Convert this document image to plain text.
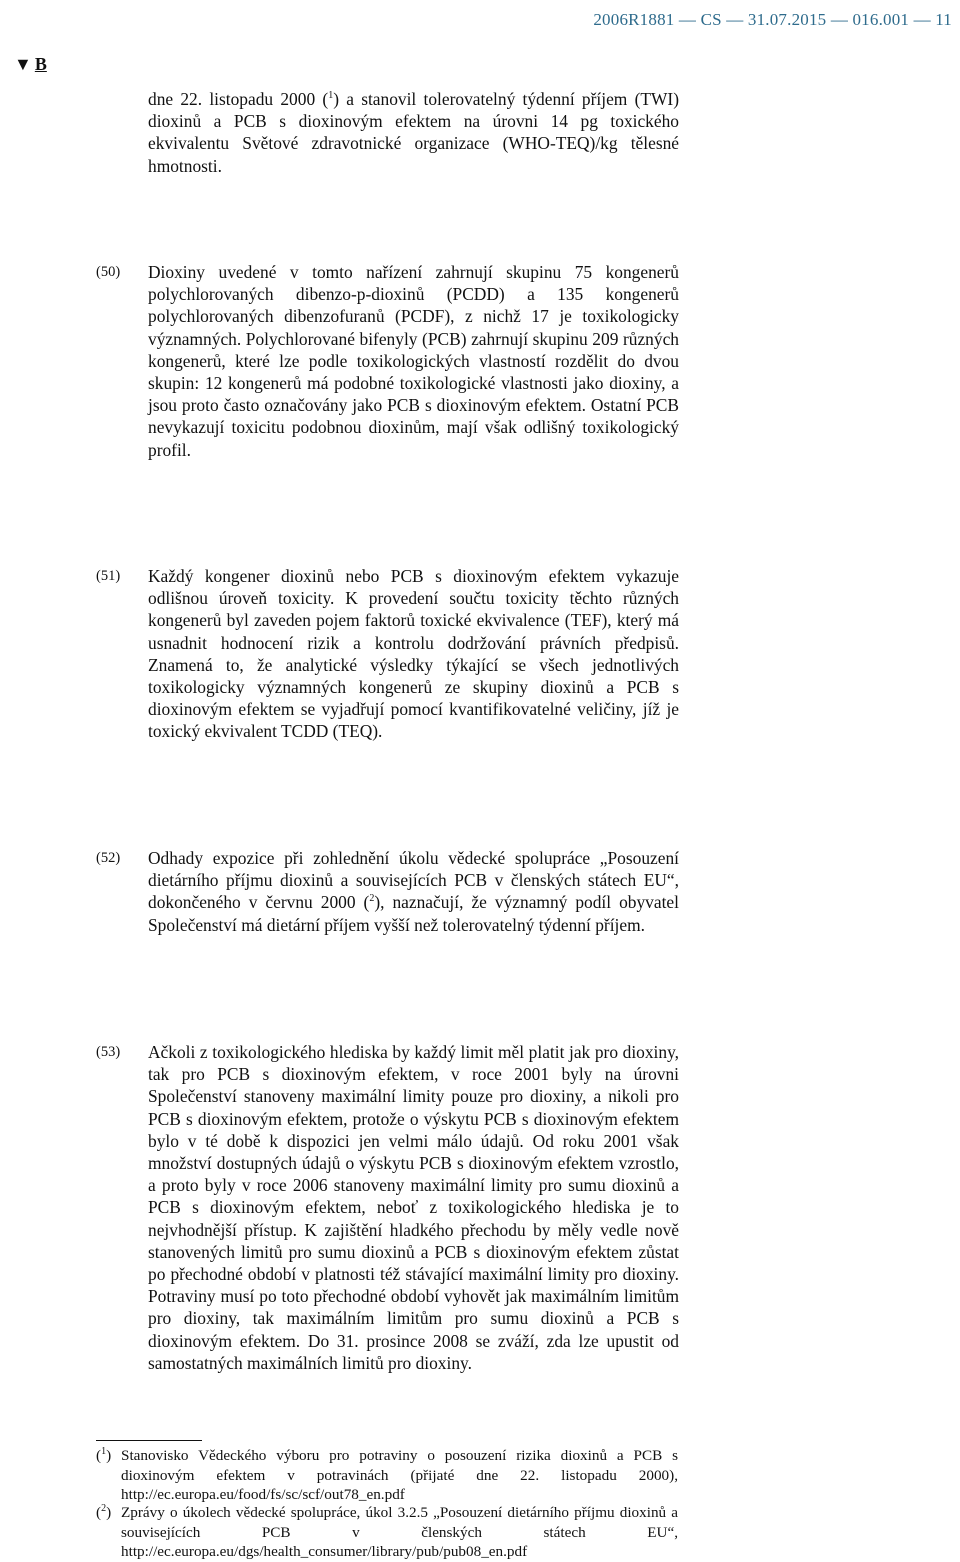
2006R1881 — CS — 31.07.2015 — 016.001 — 11
▼ B
dne 22. listopadu 2000 ($^1$) a stanovil tolerovatelný týdenní příjem (TWI) dioxinů a PCB s dioxinovým efektem na úrovni 14 pg toxického ekvivalentu Světové zdravotnické organizace (WHO-TEQ)/kg tělesné hmotnosti.
(50) Dioxiny uvedené v tomto nařízení zahrnují skupinu 75 kongenerů polychlorovaných dibenzo-p-dioxinů (PCDD) a 135 kongenerů polychlorovaných dibenzofuranů (PCDF), z nichž 17 je toxikologicky významných. Polychlorované bifenyly (PCB) zahrnují skupinu 209 různých kongenerů, které lze podle toxikologických vlastností rozdělit do dvou skupin: 12 kongenerů má podobné toxikologické vlastnosti jako dioxiny, a jsou proto často označovány jako PCB s dioxinovým efektem. Ostatní PCB nevykazují toxicitu podobnou dioxinům, mají však odlišný toxikologický profil.
(51) Každý kongener dioxinů nebo PCB s dioxinovým efektem vykazuje odlišnou úroveň toxicity. K provedení součtu toxicity těchto různých kongenerů byl zaveden pojem faktorů toxické ekvivalence (TEF), který má usnadnit hodnocení rizik a kontrolu dodržování právních předpisů. Znamená to, že analytické výsledky týkající se všech jednotlivých toxikologicky významných kongenerů ze skupiny dioxinů a PCB s dioxinovým efektem se vyjadřují pomocí kvantifikovatelné veličiny, jíž je toxický ekvivalent TCDD (TEQ).
(52) Odhady expozice při zohlednění úkolu vědecké spolupráce „Posouzení dietárního příjmu dioxinů a souvisejících PCB v členských státech EU“, dokončeného v červnu 2000 ($^2$), naznačují, že významný podíl obyvatel Společenství má dietární příjem vyšší než tolerovatelný týdenní příjem.
(53) Ačkoli z toxikologického hlediska by každý limit měl platit jak pro dioxiny, tak pro PCB s dioxinovým efektem, v roce 2001 byly na úrovni Společenství stanoveny maximální limity pouze pro dioxiny, a nikoli pro PCB s dioxinovým efektem, protože o výskytu PCB s dioxinovým efektem bylo v té době k dispozici jen velmi málo údajů. Od roku 2001 však množství dostupných údajů o výskytu PCB s dioxinovým efektem vzrostlo, a proto byly v roce 2006 stanoveny maximální limity pro sumu dioxinů a PCB s dioxinovým efektem, neboť z toxikologického hlediska je to nejvhodnější přístup. K zajištění hladkého přechodu by měly vedle nově stanovených limitů pro sumu dioxinů a PCB s dioxinovým efektem zůstat po přechodné období v platnosti též stávající maximální limity pro dioxiny. Potraviny musí po toto přechodné období vyhovět jak maximálním limitům pro dioxiny, tak maximálním limitům pro sumu dioxinů a PCB s dioxinovým efektem. Do 31. prosince 2008 se zváží, zda lze upustit od samostatných maximálních limitů pro dioxiny.
($^1$) Stanovisko Vědeckého výboru pro potraviny o posouzení rizika dioxinů a PCB s dioxinovým efektem v potravinách (přijaté dne 22. listopadu 2000), http://ec.europa.eu/food/fs/sc/scf/out78_en.pdf
($^2$) Zprávy o úkolech vědecké spolupráce, úkol 3.2.5 „Posouzení dietárního příjmu dioxinů a souvisejících PCB v členských státech EU“, http://ec.europa.eu/dgs/health_consumer/library/pub/pub08_en.pdf
